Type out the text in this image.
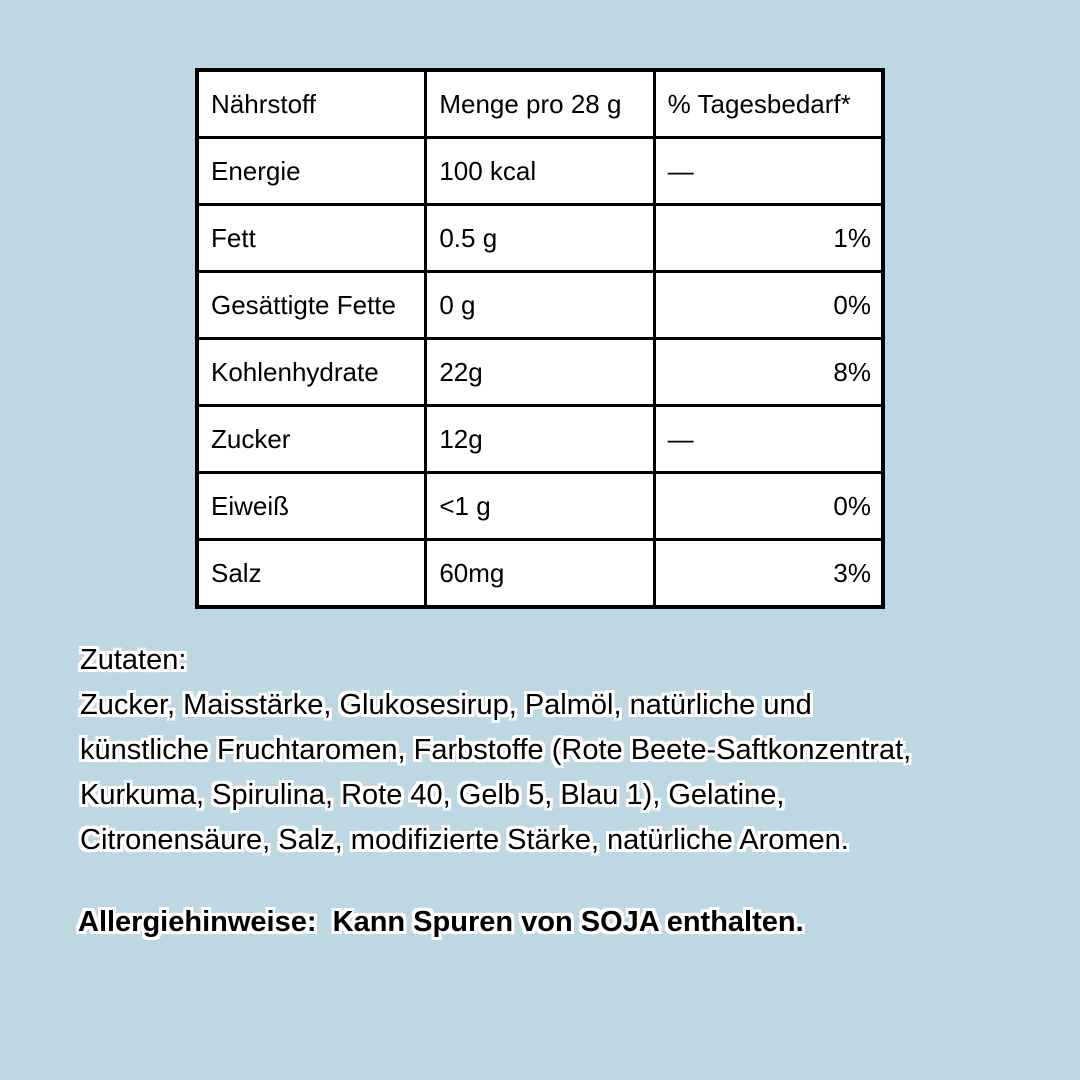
Nährstoff	Menge pro 28 g	% Tagesbedarf*
Energie	100 kcal	—
Fett	0.5 g	1%
Gesättigte Fette	0 g	0%
Kohlenhydrate	22g	8%
Zucker	12g	—
Eiweiß	<1 g	0%
Salz	60mg	3%
Zutaten:
Zucker, Maisstärke, Glukosesirup, Palmöl, natürliche und
künstliche Fruchtaromen, Farbstoffe (Rote Beete-Saftkonzentrat,
Kurkuma, Spirulina, Rote 40, Gelb 5, Blau 1), Gelatine,
Citronensäure, Salz, modifizierte Stärke, natürliche Aromen.
Allergiehinweise:  Kann Spuren von SOJA enthalten.
